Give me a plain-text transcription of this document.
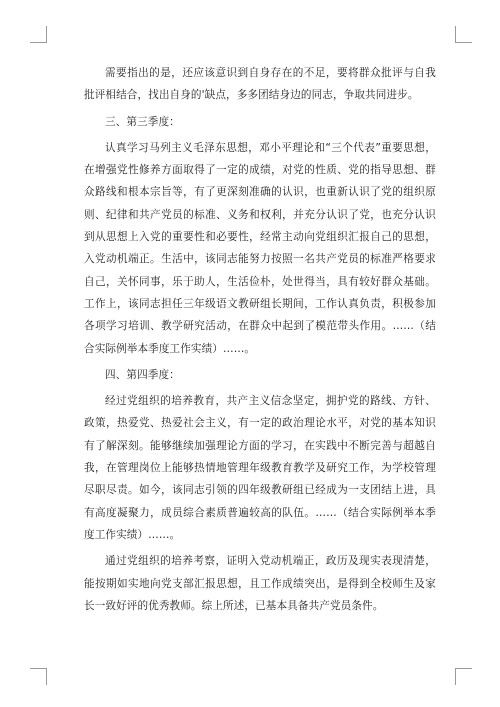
需要指出的是，还应该意识到自身存在的不足，要将群众批评与自我批评相结合，找出自身的'缺点，多多团结身边的同志，争取共同进步。

三、第三季度：

认真学习马列主义毛泽东思想，邓小平理论和“三个代表”重要思想，在增强党性修养方面取得了一定的成绩，对党的性质、党的指导思想、群众路线和根本宗旨等，有了更深刻准确的认识，也重新认识了党的组织原则、纪律和共产党员的标准、义务和权利，并充分认识了党，也充分认识到从思想上入党的重要性和必要性，经常主动向党组织汇报自己的思想，入党动机端正。生活中，该同志能努力按照一名共产党员的标准严格要求自己，关怀同事，乐于助人，生活俭朴，处世得当，具有较好群众基础。工作上，该同志担任三年级语文教研组长期间，工作认真负责，积极参加各项学习培训、教学研究活动，在群众中起到了模范带头作用。……（结合实际例举本季度工作实绩）……。

四、第四季度：

经过党组织的培养教育，共产主义信念坚定，拥护党的路线、方针、政策，热爱党、热爱社会主义，有一定的政治理论水平，对党的基本知识有了解深刻。能够继续加强理论方面的学习，在实践中不断完善与超越自我，在管理岗位上能够热情地管理年级教育教学及研究工作，为学校管理尽职尽责。如今，该同志引领的四年级教研组已经成为一支团结上进，具有高度凝聚力，成员综合素质普遍较高的队伍。……（结合实际例举本季度工作实绩）……。

通过党组织的培养考察，证明入党动机端正，政历及现实表现清楚，能按期如实地向党支部汇报思想，且工作成绩突出，是得到全校师生及家长一致好评的优秀教师。综上所述，已基本具备共产党员条件。
